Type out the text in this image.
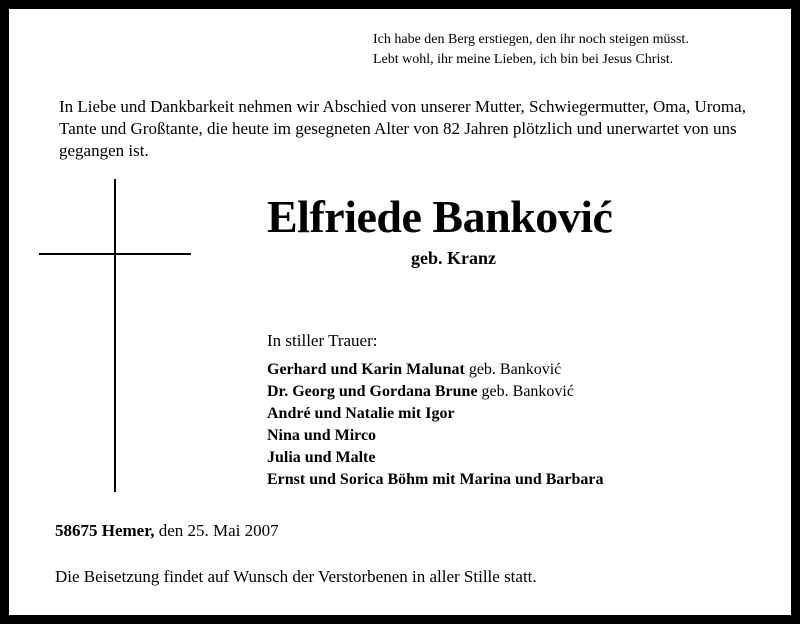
Ich habe den Berg erstiegen, den ihr noch steigen müsst.
Lebt wohl, ihr meine Lieben, ich bin bei Jesus Christ.
In Liebe und Dankbarkeit nehmen wir Abschied von unserer Mutter, Schwiegermutter, Oma, Uroma, Tante und Großtante, die heute im gesegneten Alter von 82 Jahren plötzlich und unerwartet von uns gegangen ist.
Elfriede Banković
geb. Kranz
In stiller Trauer:
Gerhard und Karin Malunat geb. Banković
Dr. Georg und Gordana Brune geb. Banković
André und Natalie mit Igor
Nina und Mirco
Julia und Malte
Ernst und Sorica Böhm mit Marina und Barbara
58675 Hemer, den 25. Mai 2007
Die Beisetzung findet auf Wunsch der Verstorbenen in aller Stille statt.
